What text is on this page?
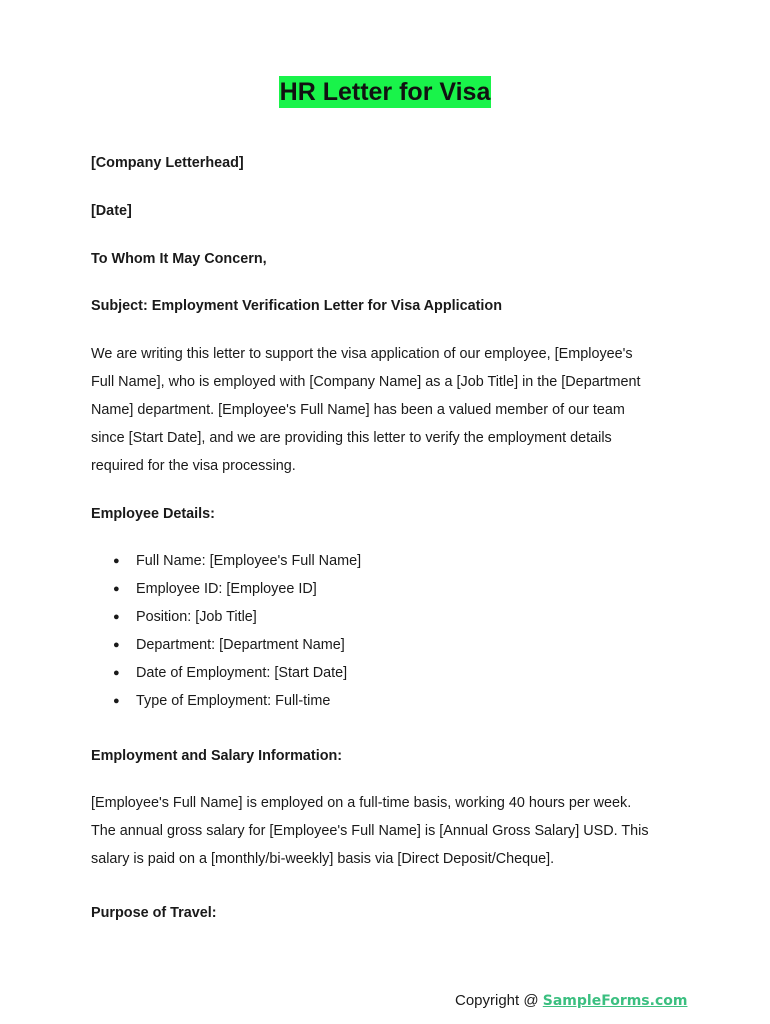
HR Letter for Visa

[Company Letterhead]

[Date]

To Whom It May Concern,

Subject: Employment Verification Letter for Visa Application

We are writing this letter to support the visa application of our employee, [Employee's

Full Name], who is employed with [Company Name] as a [Job Title] in the [Department

Name] department. [Employee's Full Name] has been a valued member of our team

since [Start Date], and we are providing this letter to verify the employment details

required for the visa processing.

Employee Details:

●	Full Name: [Employee's Full Name]
●	Employee ID: [Employee ID]
●	Position: [Job Title]
●	Department: [Department Name]
●	Date of Employment: [Start Date]
●	Type of Employment: Full-time

Employment and Salary Information:

[Employee's Full Name] is employed on a full-time basis, working 40 hours per week.

The annual gross salary for [Employee's Full Name] is [Annual Gross Salary] USD. This

salary is paid on a [monthly/bi-weekly] basis via [Direct Deposit/Cheque].

Purpose of Travel:

Copyright @ SampleForms.com
